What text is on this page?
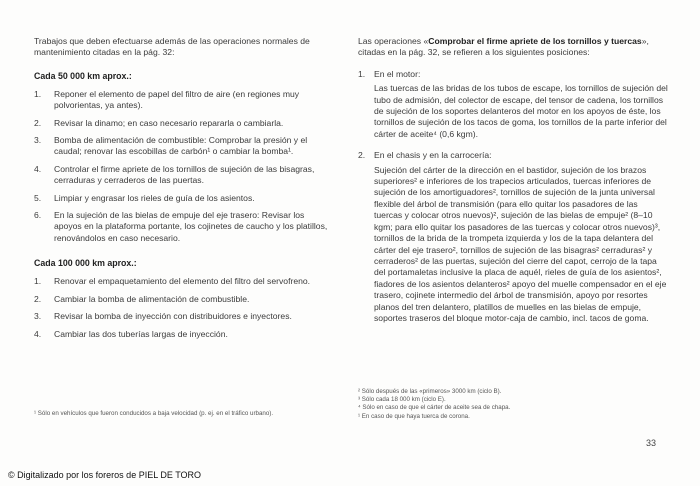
Trabajos que deben efectuarse además de las operaciones normales de mantenimiento citadas en la pág. 32:

Cada 50 000 km aprox.:
1. Reponer el elemento de papel del filtro de aire (en regiones muy polvorientas, ya antes).
2. Revisar la dinamo; en caso necesario repararla o cambiarla.
3. Bomba de alimentación de combustible: Comprobar la presión y el caudal; renovar las escobillas de carbón¹ o cambiar la bomba¹.
4. Controlar el firme apriete de los tornillos de sujeción de las bisagras, cerraduras y cerraderos de las puertas.
5. Limpiar y engrasar los rieles de guía de los asientos.
6. En la sujeción de las bielas de empuje del eje trasero: Revisar los apoyos en la plataforma portante, los cojinetes de caucho y los platillos, renovándolos en caso necesario.
Cada 100 000 km aprox.:
1. Renovar el empaquetamiento del elemento del filtro del servofreno.
2. Cambiar la bomba de alimentación de combustible.
3. Revisar la bomba de inyección con distribuidores e inyectores.
4. Cambiar las dos tuberías largas de inyección.
¹ Sólo en vehículos que fueron conducidos a baja velocidad (p. ej. en el tráfico urbano).

Las operaciones «Comprobar el firme apriete de los tornillos y tuercas», citadas en la pág. 32, se refieren a los siguientes posiciones:

1. En el motor:
Las tuercas de las bridas de los tubos de escape, los tornillos de sujeción del tubo de admisión, del colector de escape, del tensor de cadena, los tornillos de sujeción de los soportes delanteros del motor en los apoyos de éste, los tornillos de sujeción de los tacos de goma, los tornillos de la parte inferior del cárter de aceite⁴ (0,6 kgm).
2. En el chasis y en la carrocería:
Sujeción del cárter de la dirección en el bastidor, sujeción de los brazos superiores² e inferiores de los trapecios articulados, tuercas inferiores de sujeción de los amortiguadores², tornillos de sujeción de la junta universal flexible del árbol de transmisión (para ello quitar los pasadores de las tuercas y colocar otros nuevos)², sujeción de las bielas de empuje² (8–10 kgm; para ello quitar los pasadores de las tuercas y colocar otros nuevos)³, tornillos de la brida de la trompeta izquierda y los de la tapa delantera del cárter del eje trasero², tornillos de sujeción de las bisagras² cerraduras² y cerraderos² de las puertas, sujeción del cierre del capot, cerrojo de la tapa del portamaletas inclusive la placa de aquél, rieles de guía de los asientos², fiadores de los asientos delanteros² apoyo del muelle compensador en el eje trasero, cojinete intermedio del árbol de transmisión, apoyo por resortes planos del tren delantero, platillos de muelles en las bielas de empuje, soportes traseros del bloque motor-caja de cambio, incl. tacos de goma.
² Sólo después de las «primeros» 3000 km (ciclo B).
³ Sólo cada 18 000 km (ciclo E).
⁴ Sólo en caso de que el cárter de aceite sea de chapa.
¹ En caso de que haya tuerca de corona.
33
© Digitalizado por los foreros de PIEL DE TORO
